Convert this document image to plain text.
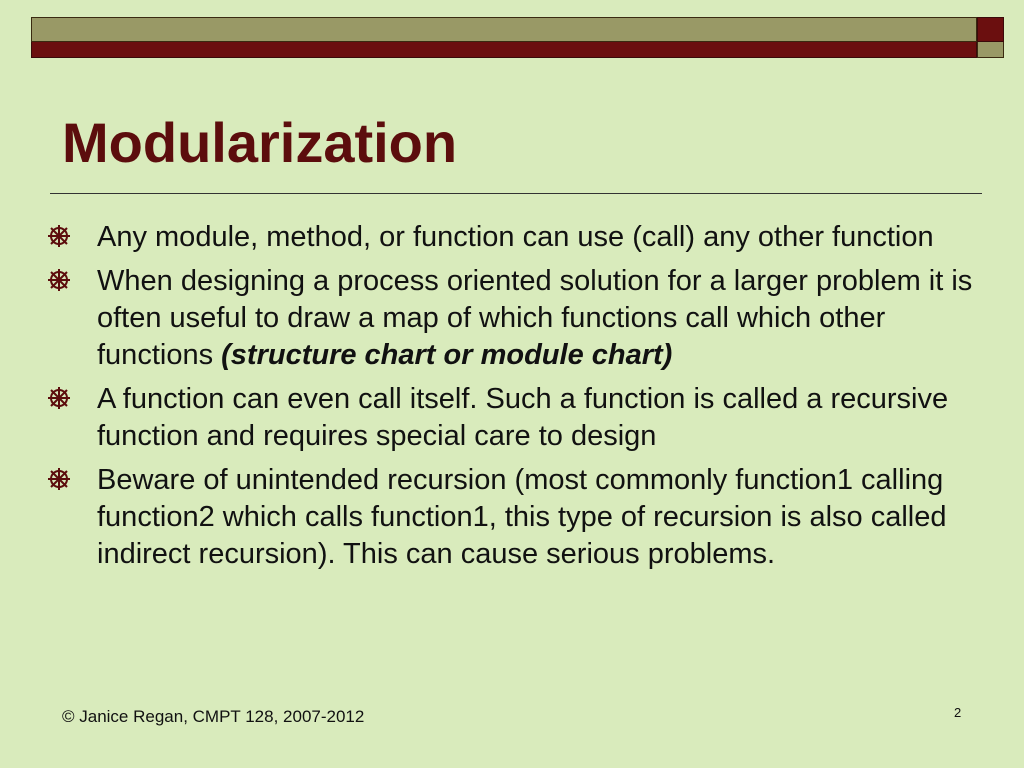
Modularization
Any module, method, or function can use (call) any other function
When designing a process oriented solution for a larger problem it is often useful to draw a map of which functions call which other functions (structure chart or module chart)
A function can even call itself. Such a function is called a recursive function and requires special care to design
Beware of unintended recursion (most commonly function1 calling function2 which calls function1, this type of recursion is also called indirect recursion). This can cause serious problems.
© Janice Regan, CMPT 128, 2007-2012	2
